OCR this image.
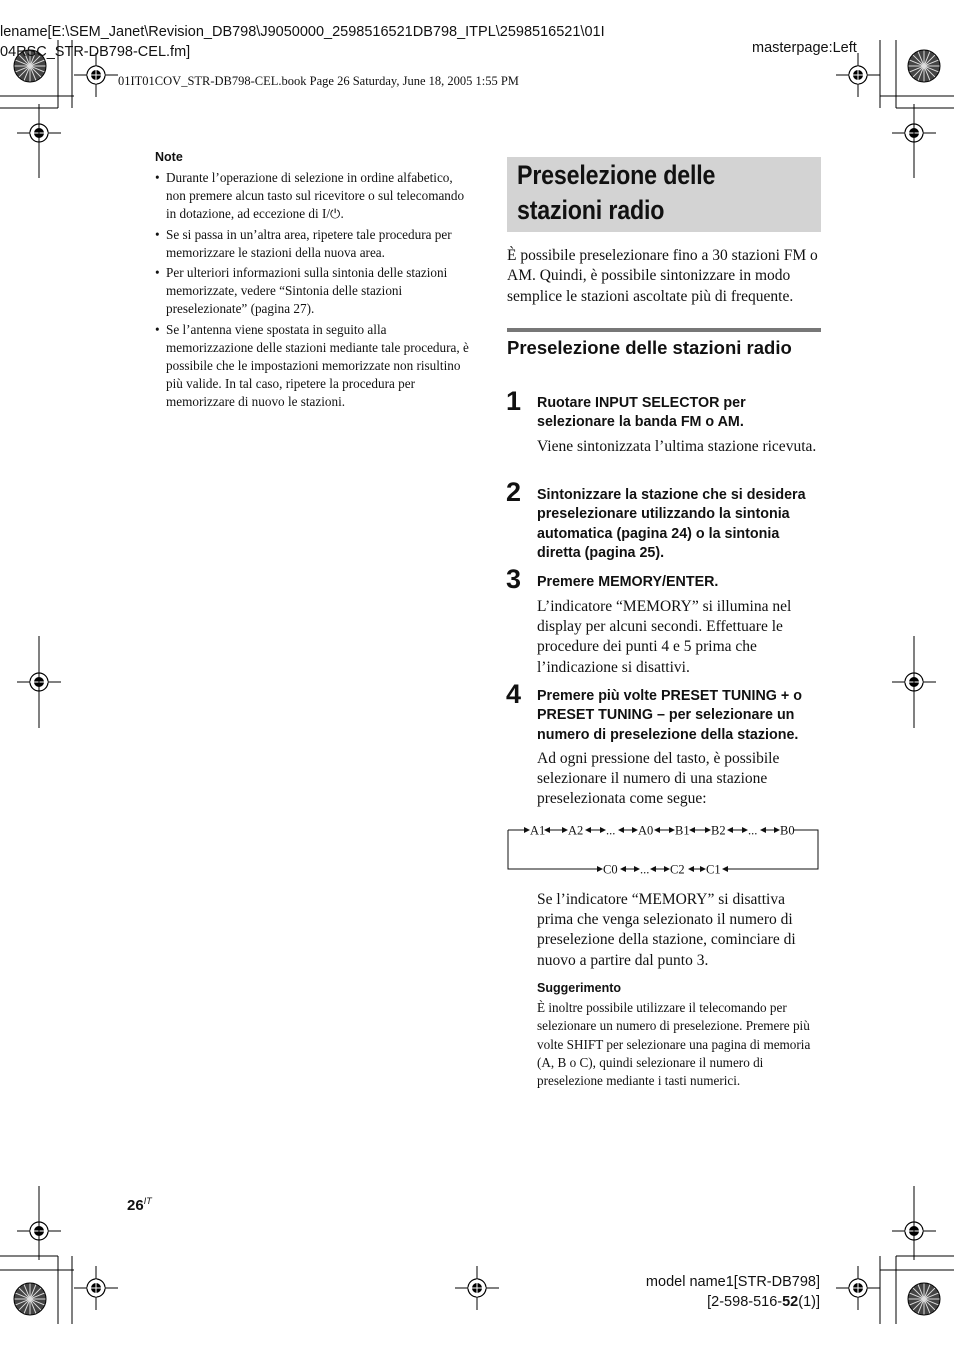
lename[E:\SEM_Janet\Revision_DB798\J9050000_2598516521DB798_ITPL\2598516521\01I
04RSC_STR-DB798-CEL.fm]	masterpage:Left
01IT01COV_STR-DB798-CEL.book Page 26 Saturday, June 18, 2005 1:55 PM
Note
• Durante l’operazione di selezione in ordine alfabetico, non premere alcun tasto sul ricevitore o sul telecomando in dotazione, ad eccezione di I/⏻.
• Se si passa in un’altra area, ripetere tale procedura per memorizzare le stazioni della nuova area.
• Per ulteriori informazioni sulla sintonia delle stazioni memorizzate, vedere “Sintonia delle stazioni preselezionate” (pagina 27).
• Se l’antenna viene spostata in seguito alla memorizzazione delle stazioni mediante tale procedura, è possibile che le impostazioni memorizzate non risultino più valide. In tal caso, ripetere la procedura per memorizzare di nuovo le stazioni.
Preselezione delle stazioni radio
È possibile preselezionare fino a 30 stazioni FM o AM. Quindi, è possibile sintonizzare in modo semplice le stazioni ascoltate più di frequente.
Preselezione delle stazioni radio
1 Ruotare INPUT SELECTOR per selezionare la banda FM o AM.
Viene sintonizzata l’ultima stazione ricevuta.
2 Sintonizzare la stazione che si desidera preselezionare utilizzando la sintonia automatica (pagina 24) o la sintonia diretta (pagina 25).
3 Premere MEMORY/ENTER.
L’indicatore “MEMORY” si illumina nel display per alcuni secondi. Effettuare le procedure dei punti 4 e 5 prima che l’indicazione si disattivi.
4 Premere più volte PRESET TUNING + o PRESET TUNING – per selezionare un numero di preselezione della stazione.
Ad ogni pressione del tasto, è possibile selezionare il numero di una stazione preselezionata come segue:
A1 A2 ... A0 B1 B2 ... B0
C0 ... C2 C1
Se l’indicatore “MEMORY” si disattiva prima che venga selezionato il numero di preselezione della stazione, cominciare di nuovo a partire dal punto 3.
Suggerimento
È inoltre possibile utilizzare il telecomando per selezionare un numero di preselezione. Premere più volte SHIFT per selezionare una pagina di memoria (A, B o C), quindi selezionare il numero di preselezione mediante i tasti numerici.
$26^{IT}$
model name1[STR-DB798]
[2-598-516-52(1)]
